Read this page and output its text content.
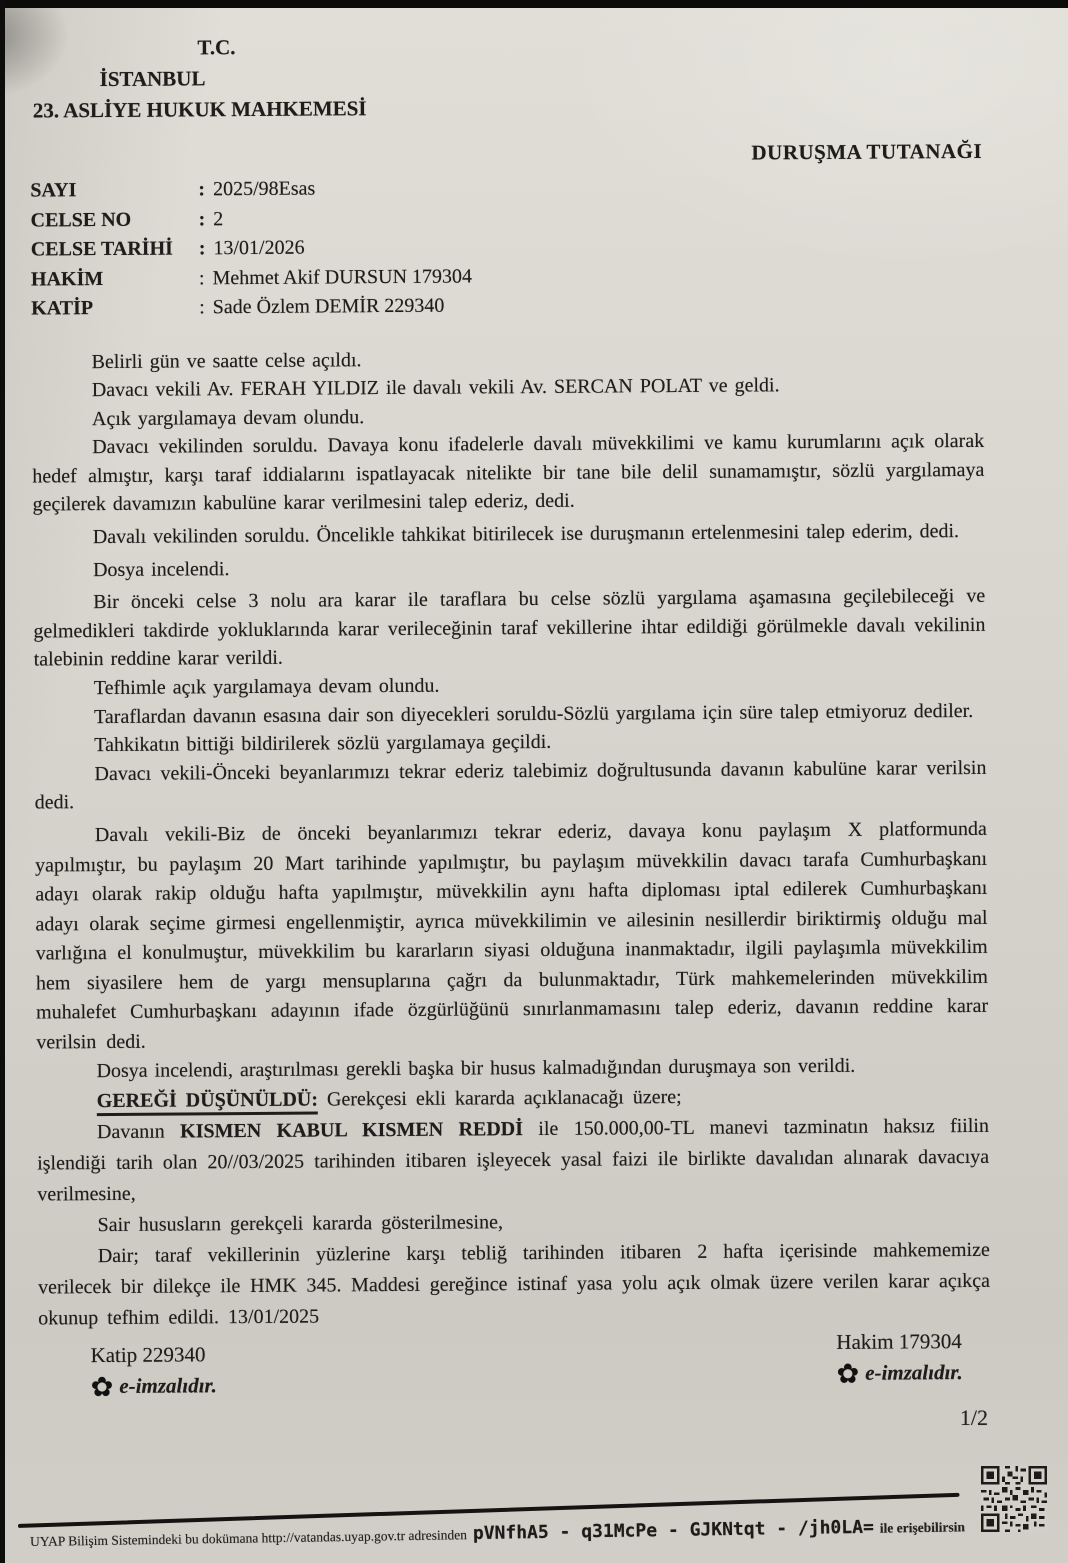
T.C.
İSTANBUL
23. ASLİYE HUKUK MAHKEMESİ
DURUŞMA TUTANAĞI
SAYI	: 2025/98Esas
CELSE NO	: 2
CELSE TARİHİ	: 13/01/2026
HAKİM	: Mehmet Akif DURSUN 179304
KATİP	: Sade Özlem DEMİR 229340

Belirli gün ve saatte celse açıldı.

Davacı vekili Av. FERAH YILDIZ ile davalı vekili Av. SERCAN POLAT ve geldi.

Açık yargılamaya devam olundu.

Davacı vekilinden soruldu. Davaya konu ifadelerle davalı müvekkilimi ve kamu kurumlarını açık olarak hedef almıştır, karşı taraf iddialarını ispatlayacak nitelikte bir tane bile delil sunamamıştır, sözlü yargılamaya geçilerek davamızın kabulüne karar verilmesini talep ederiz, dedi.

Davalı vekilinden soruldu. Öncelikle tahkikat bitirilecek ise duruşmanın ertelenmesini talep ederim, dedi.

Dosya incelendi.

Bir önceki celse 3 nolu ara karar ile taraflara bu celse sözlü yargılama aşamasına geçilebileceği ve gelmedikleri takdirde yokluklarında karar verileceğinin taraf vekillerine ihtar edildiği görülmekle davalı vekilinin talebinin reddine karar verildi.

Tefhimle açık yargılamaya devam olundu.

Taraflardan davanın esasına dair son diyecekleri soruldu-Sözlü yargılama için süre talep etmiyoruz dediler.

Tahkikatın bittiği bildirilerek sözlü yargılamaya geçildi.

Davacı vekili-Önceki beyanlarımızı tekrar ederiz talebimiz doğrultusunda davanın kabulüne karar verilsin dedi.

Davalı vekili-Biz de önceki beyanlarımızı tekrar ederiz, davaya konu paylaşım X platformunda yapılmıştır, bu paylaşım 20 Mart tarihinde yapılmıştır, bu paylaşım müvekkilin davacı tarafa Cumhurbaşkanı adayı olarak rakip olduğu hafta yapılmıştır, müvekkilin aynı hafta diploması iptal edilerek Cumhurbaşkanı adayı olarak seçime girmesi engellenmiştir, ayrıca müvekkilimin ve ailesinin nesillerdir biriktirmiş olduğu mal varlığına el konulmuştur, müvekkilim bu kararların siyasi olduğuna inanmaktadır, ilgili paylaşımla müvekkilim hem siyasilere hem de yargı mensuplarına çağrı da bulunmaktadır, Türk mahkemelerinden müvekkilim muhalefet Cumhurbaşkanı adayının ifade özgürlüğünü sınırlanmamasını talep ederiz, davanın reddine karar verilsin dedi.

Dosya incelendi, araştırılması gerekli başka bir husus kalmadığından duruşmaya son verildi.

GEREĞİ DÜŞÜNÜLDÜ: Gerekçesi ekli kararda açıklanacağı üzere;

Davanın KISMEN KABUL KISMEN REDDİ ile 150.000,00-TL manevi tazminatın haksız fiilin işlendiği tarih olan 20//03/2025 tarihinden itibaren işleyecek yasal faizi ile birlikte davalıdan alınarak davacıya verilmesine,

Sair hususların gerekçeli kararda gösterilmesine,

Dair; taraf vekillerinin yüzlerine karşı tebliğ tarihinden itibaren 2 hafta içerisinde mahkememize verilecek bir dilekçe ile HMK 345. Maddesi gereğince istinaf yasa yolu açık olmak üzere verilen karar açıkça okunup tefhim edildi. 13/01/2025

Katip 229340
✿ e-imzalıdır.
Hakim 179304
✿ e-imzalıdır.
1/2
UYAP Bilişim Sistemindeki bu dokümana http://vatandas.uyap.gov.tr adresinden pVNfhA5 - q31McPe - GJKNtqt - /jh0LA= ile erişebilirsin
